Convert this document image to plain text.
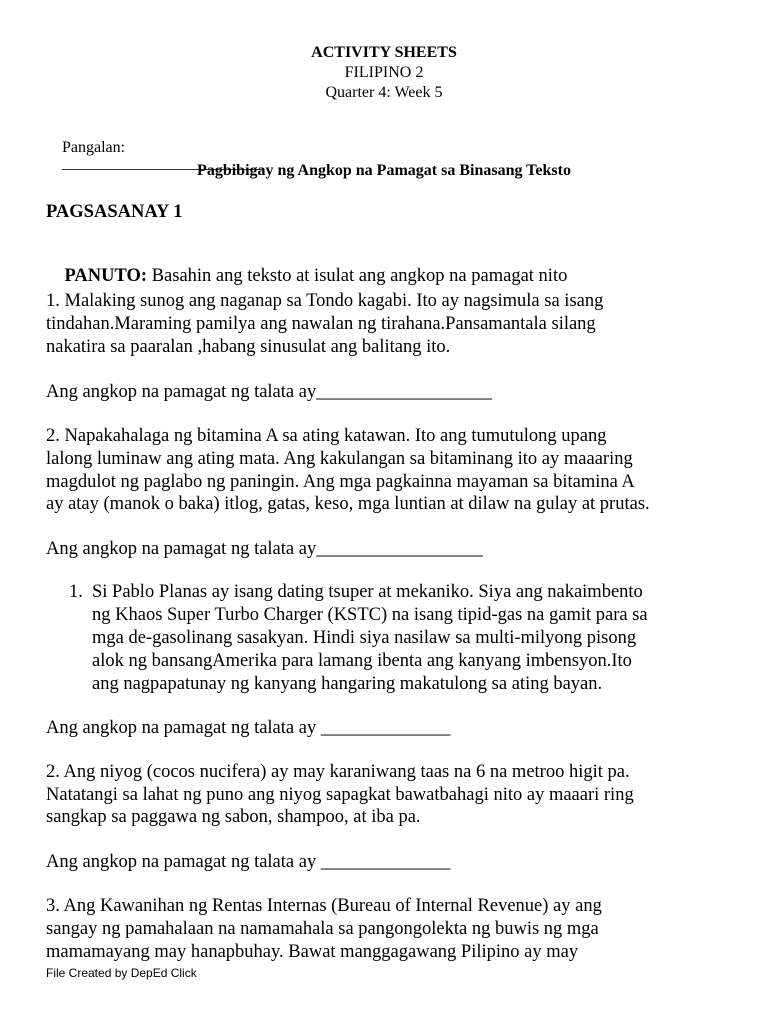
ACTIVITY SHEETS
FILIPINO 2
Quarter 4: Week 5

Pangalan:
_________________________

Pagbibigay ng Angkop na Pamagat sa Binasang Teksto
PAGSASANAY 1

PANUTO: Basahin ang teksto at isulat ang angkop na pamagat nito

1. Malaking sunog ang naganap sa Tondo kagabi. Ito ay nagsimula sa isang
tindahan.Maraming pamilya ang nawalan ng tirahana.Pansamantala silang
nakatira sa paaralan ,habang sinusulat ang balitang ito.
Ang angkop na pamagat ng talata ay___________________
2. Napakahalaga ng bitamina A sa ating katawan. Ito ang tumutulong upang
lalong luminaw ang ating mata. Ang kakulangan sa bitaminang ito ay maaaring
magdulot ng paglabo ng paningin. Ang mga pagkainna mayaman sa bitamina A
ay atay (manok o baka) itlog, gatas, keso, mga luntian at dilaw na gulay at prutas.
Ang angkop na pamagat ng talata ay__________________
1. Si Pablo Planas ay isang dating tsuper at mekaniko. Siya ang nakaimbento
ng Khaos Super Turbo Charger (KSTC) na isang tipid-gas na gamit para sa
mga de-gasolinang sasakyan. Hindi siya nasilaw sa multi-milyong pisong
alok ng bansangAmerika para lamang ibenta ang kanyang imbensyon.Ito
ang nagpapatunay ng kanyang hangaring makatulong sa ating bayan.
Ang angkop na pamagat ng talata ay ______________
2. Ang niyog (cocos nucifera) ay may karaniwang taas na 6 na metroo higit pa.
Natatangi sa lahat ng puno ang niyog sapagkat bawatbahagi nito ay maaari ring
sangkap sa paggawa ng sabon, shampoo, at iba pa.
Ang angkop na pamagat ng talata ay ______________
3. Ang Kawanihan ng Rentas Internas (Bureau of Internal Revenue) ay ang
sangay ng pamahalaan na namamahala sa pangongolekta ng buwis ng mga
mamamayang may hanapbuhay. Bawat manggagawang Pilipino ay may
File Created by DepEd Click
